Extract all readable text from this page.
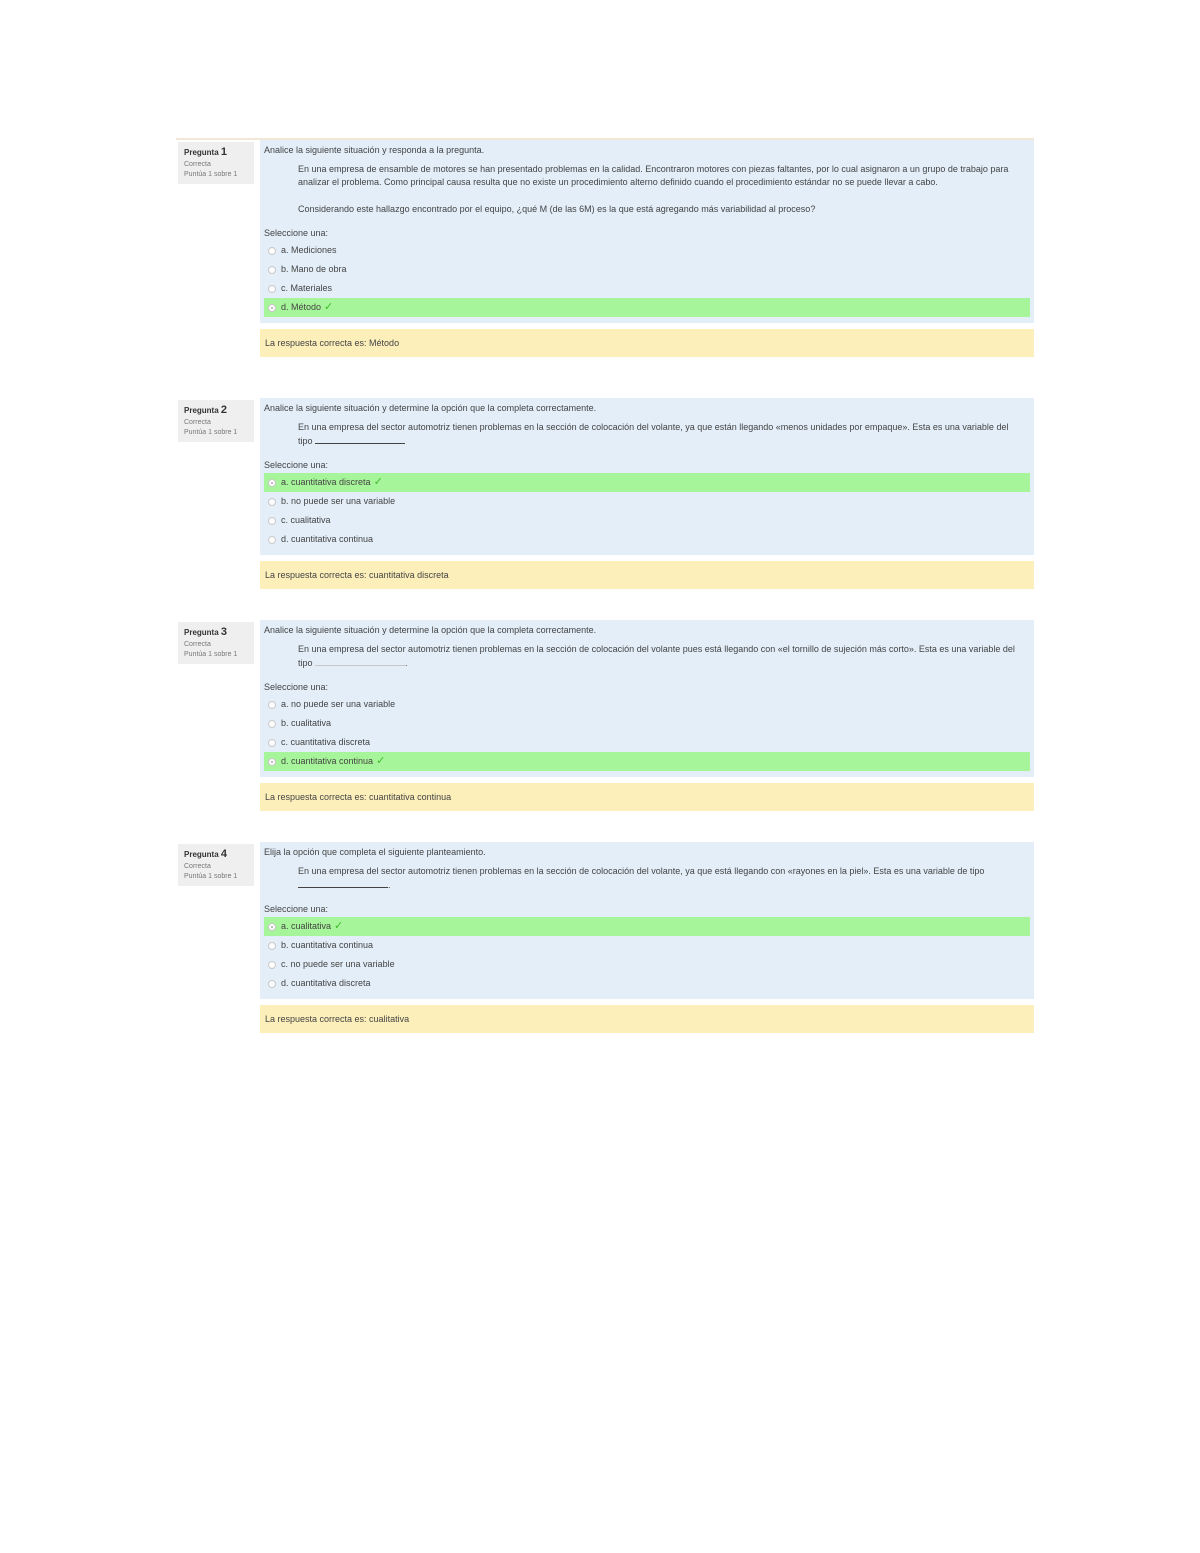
Pregunta 1
Correcta
Puntúa 1 sobre 1
Analice la siguiente situación y responda a la pregunta.

En una empresa de ensamble de motores se han presentado problemas en la calidad. Encontraron motores con piezas faltantes, por lo cual asignaron a un grupo de trabajo para analizar el problema. Como principal causa resulta que no existe un procedimiento alterno definido cuando el procedimiento estándar no se puede llevar a cabo.

Considerando este hallazgo encontrado por el equipo, ¿qué M (de las 6M) es la que está agregando más variabilidad al proceso?

Seleccione una:
a. Mediciones
b. Mano de obra
c. Materiales
d. Método ✓
La respuesta correcta es: Método
Pregunta 2
Correcta
Puntúa 1 sobre 1
Analice la siguiente situación y determine la opción que la completa correctamente.
En una empresa del sector automotriz tienen problemas en la sección de colocación del volante, ya que están llegando «menos unidades por empaque». Esta es una variable del tipo
Seleccione una:
a. cuantitativa discreta ✓
b. no puede ser una variable
c. cualitativa
d. cuantitativa continua
La respuesta correcta es: cuantitativa discreta
Pregunta 3
Correcta
Puntúa 1 sobre 1
Analice la siguiente situación y determine la opción que la completa correctamente.
En una empresa del sector automotriz tienen problemas en la sección de colocación del volante pues está llegando con «el tornillo de sujeción más corto». Esta es una variable del tipo	.
Seleccione una:
a. no puede ser una variable
b. cualitativa
c. cuantitativa discreta
d. cuantitativa continua ✓
La respuesta correcta es: cuantitativa continua
Pregunta 4
Correcta
Puntúa 1 sobre 1
Elija la opción que completa el siguiente planteamiento.
En una empresa del sector automotriz tienen problemas en la sección de colocación del volante, ya que está llegando con «rayones en la piel». Esta es una variable de tipo .
Seleccione una:
a. cualitativa ✓
b. cuantitativa continua
c. no puede ser una variable
d. cuantitativa discreta
La respuesta correcta es: cualitativa
